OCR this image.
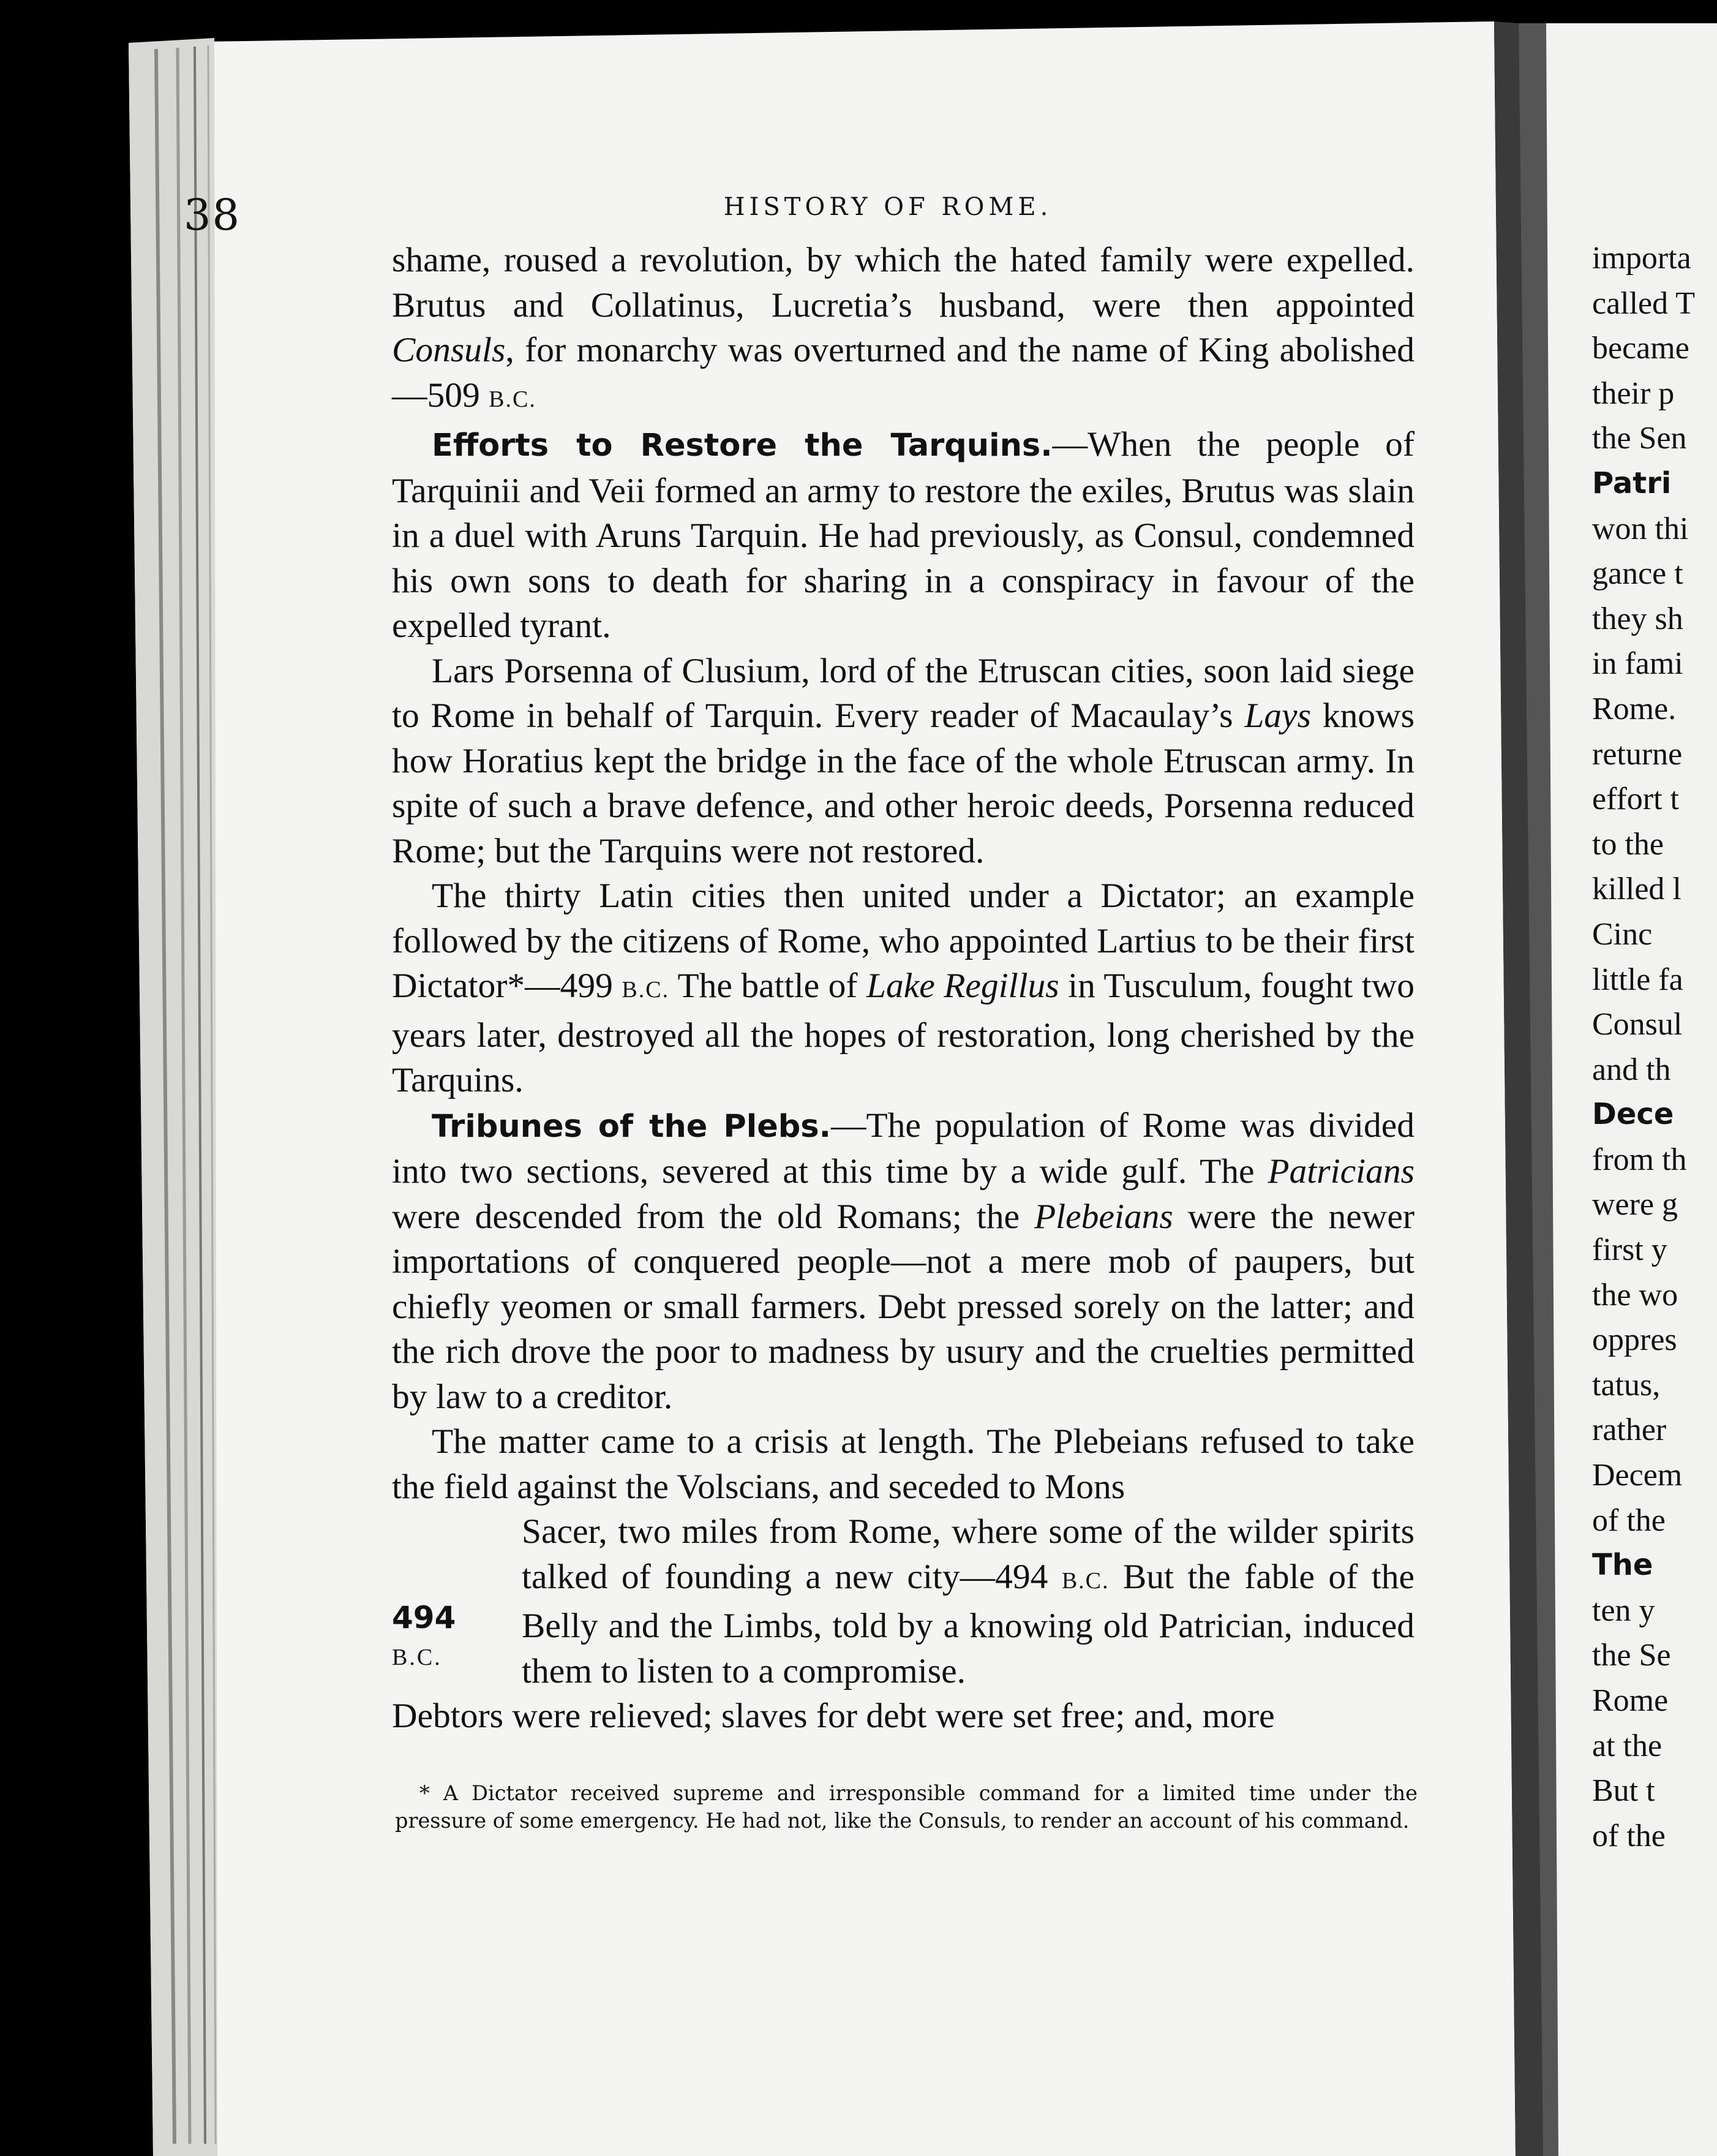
38	HISTORY OF ROME.

shame, roused a revolution, by which the hated family were expelled. Brutus and Collatinus, Lucretia’s husband, were then appointed Consuls, for monarchy was overturned and the name of King abolished—509 B.C.

Efforts to Restore the Tarquins.—When the people of Tarquinii and Veii formed an army to restore the exiles, Brutus was slain in a duel with Aruns Tarquin. He had previously, as Consul, condemned his own sons to death for sharing in a conspiracy in favour of the expelled tyrant.

Lars Porsenna of Clusium, lord of the Etruscan cities, soon laid siege to Rome in behalf of Tarquin. Every reader of Macaulay’s Lays knows how Horatius kept the bridge in the face of the whole Etruscan army. In spite of such a brave defence, and other heroic deeds, Porsenna reduced Rome; but the Tarquins were not restored.

The thirty Latin cities then united under a Dictator; an example followed by the citizens of Rome, who appointed Lartius to be their first Dictator*—499 B.C. The battle of Lake Regillus in Tusculum, fought two years later, destroyed all the hopes of restoration, long cherished by the Tarquins.

Tribunes of the Plebs.—The population of Rome was divided into two sections, severed at this time by a wide gulf. The Patricians were descended from the old Romans; the Plebeians were the newer importations of conquered people—not a mere mob of paupers, but chiefly yeomen or small farmers. Debt pressed sorely on the latter; and the rich drove the poor to madness by usury and the cruelties permitted by law to a creditor.

The matter came to a crisis at length. The Plebeians refused to take the field against the Volscians, and seceded to Mons

494
B.C.
Sacer, two miles from Rome, where some of the wilder spirits talked of founding a new city—494 B.C. But the fable of the Belly and the Limbs, told by a knowing old Patrician, induced them to listen to a compromise.

Debtors were relieved; slaves for debt were set free; and, more

* A Dictator received supreme and irresponsible command for a limited time under the pressure of some emergency. He had not, like the Consuls, to render an account of his command.

importa
called T
became
their p
the Sen
Patri
won thi
gance t
they sh
in fami
Rome.
returne
effort t
to the
killed l
Cinc
little fa
Consul
and th
Dece
from th
were g
first y
the wo
oppres
tatus,
rather
Decem
of the
The
ten y
the Se
Rome
at the
But t
of the
